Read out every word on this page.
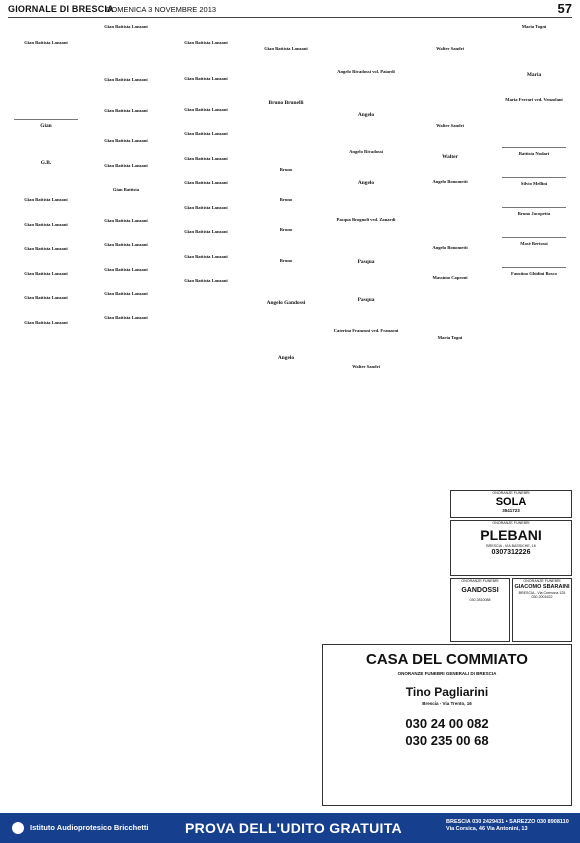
GIORNALE DI BRESCIA
DOMENICA 3 NOVEMBRE 2013	57

Gian Battista Lanzani

Gian

G.B.

Gian Battista Lanzani

Gian Battista Lanzani

Gian Battista Lanzani

Gian Battista Lanzani

Gian Battista Lanzani

Gian Battista Lanzani
Gian Battista Lanzani

Gian Battista Lanzani

Gian Battista Lanzani

Gian Battista Lanzani

Gian Battista Lanzani

Gian Battista

Gian Battista Lanzani

Gian Battista Lanzani

Gian Battista Lanzani

Gian Battista Lanzani

Gian Battista Lanzani

Gian Battista Lanzani

Gian Battista Lanzani

Gian Battista Lanzani

Gian Battista Lanzani

Gian Battista Lanzani

Gian Battista Lanzani

Gian Battista Lanzani

Gian Battista Lanzani

Gian Battista Lanzani

Gian Battista Lanzani

Gian Battista Lanzani

Bruno Brunelli

Bruno

Bruno

Bruno

Bruno

Angelo Gandossi

Angelo

Angelo Rivadossi vol. Paiardi

Angelo

Angelo Rivadossi

Angelo

Pasqua Brognoli ved. Zanardi

Pasqua

Pasqua

Caterina Franzoni ved. Franzoni

Walter Sandri

Walter Sandri

Walter Sandri

Walter

Angelo Bonometti

Angelo Bonometti

Massimo Caproni

Maria Togni
Maria Togni

Maria

Maria Ferrari ved. Venzolani

Battista Nodari

Silvio Mellini

Bruno Jacopetta

Mosè Bertossi

Faustino Ghidini Bosco
ONORANZE FUNEBRI
SOLA
3541723
ONORANZE FUNEBRI
PLEBANI
BRESCIA - VIA BASSICHE, 16
0307312226
ONORANZE FUNEBRI
GANDOSSI
030 2810088
ONORANZE FUNEBRI
GIACOMO SBARAINI
BRESCIA - Via Cremona 125
030 2001622
CASA DEL COMMIATO
ONORANZE FUNEBRI GENERALI DI BRESCIA
Tino Pagliarini
Brescia - Via Trento, 16
030 24 00 082
030 235 00 68
Istituto Audioprotesico Bricchetti	PROVA DELL'UDITO GRATUITA	BRESCIA 030 2429431 • SAREZZO 030 8908110
Via Corsica, 46 Via Antonini, 13
